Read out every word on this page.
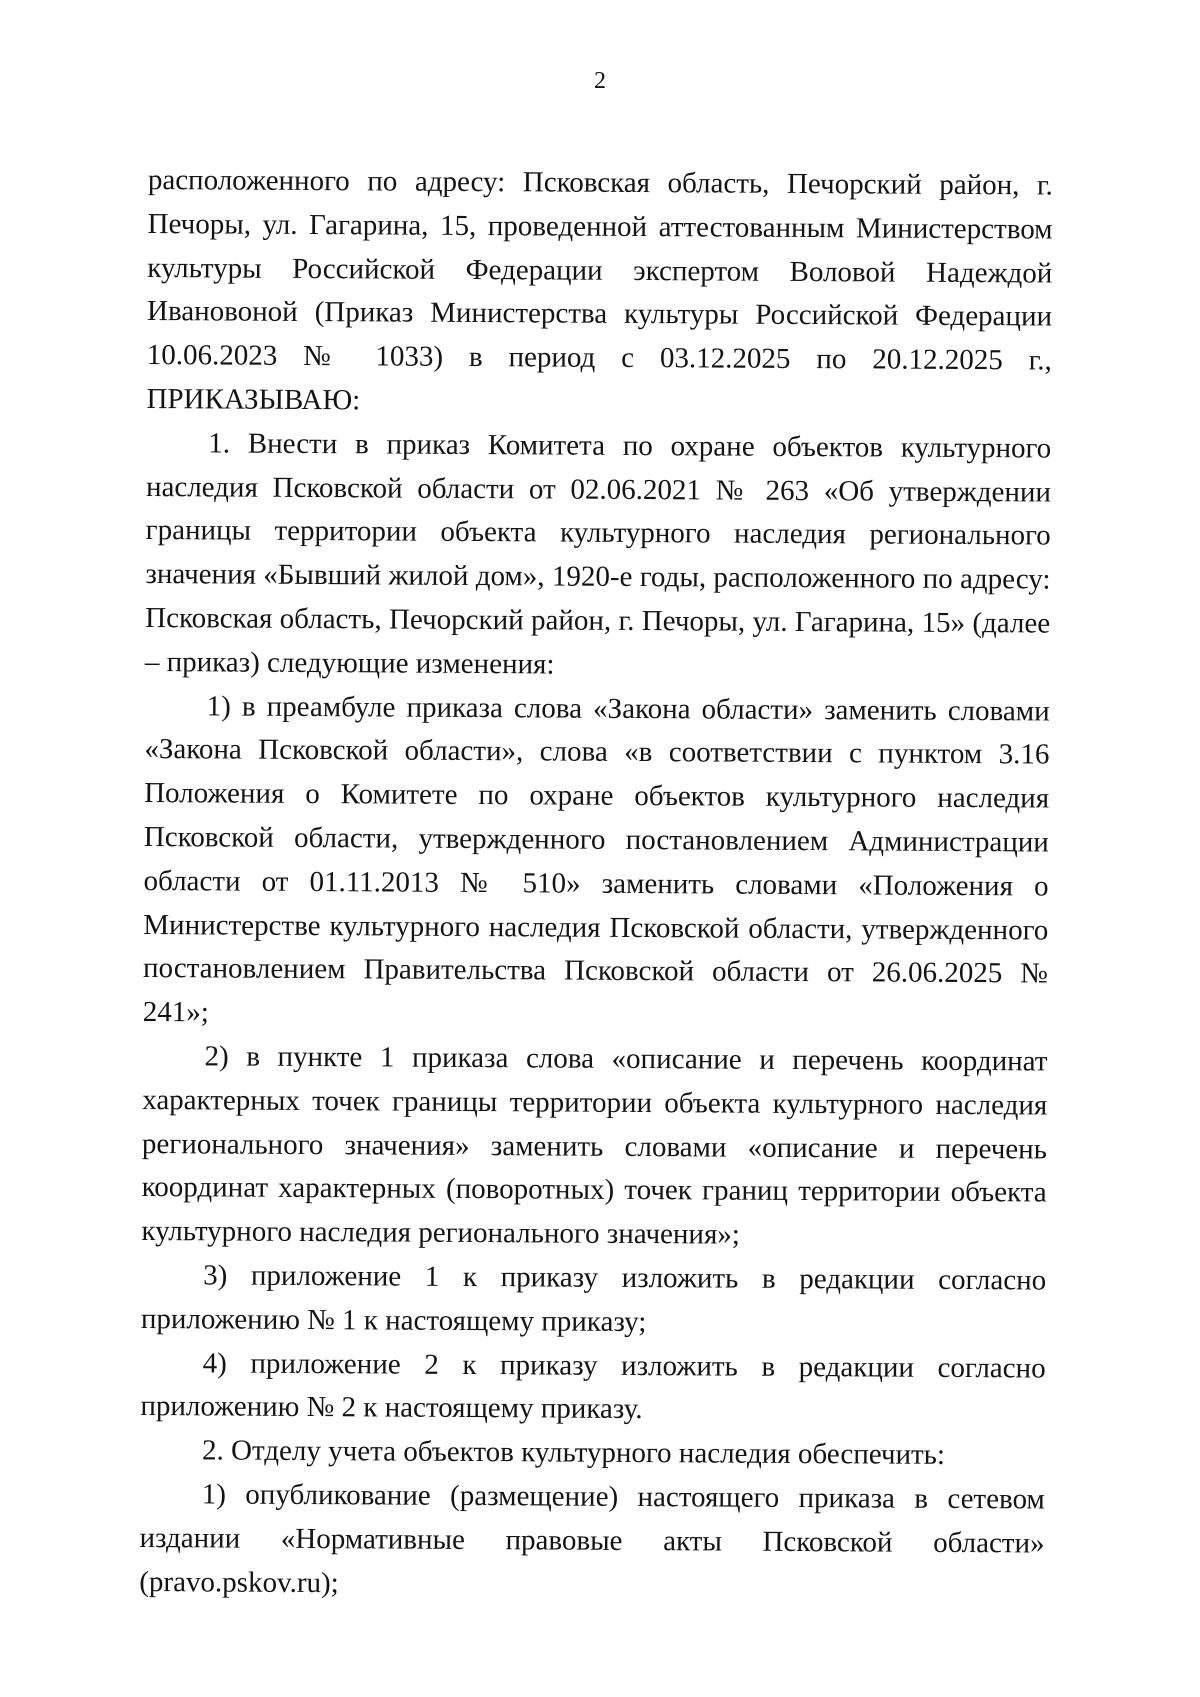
2

расположенного по адресу: Псковская область, Печорский район, г. Печоры, ул. Гагарина, 15, проведенной аттестованным Министерством культуры Российской Федерации экспертом Воловой Надеждой Ивановоной (Приказ Министерства культуры Российской Федерации 10.06.2023 № 1033) в период с 03.12.2025 по 20.12.2025 г., ПРИКАЗЫВАЮ:

1. Внести в приказ Комитета по охране объектов культурного наследия Псковской области от 02.06.2021 № 263 «Об утверждении границы территории объекта культурного наследия регионального значения «Бывший жилой дом», 1920-е годы, расположенного по адресу: Псковская область, Печорский район, г. Печоры, ул. Гагарина, 15» (далее – приказ) следующие изменения:

1) в преамбуле приказа слова «Закона области» заменить словами «Закона Псковской области», слова «в соответствии с пунктом 3.16 Положения о Комитете по охране объектов культурного наследия Псковской области, утвержденного постановлением Администрации области от 01.11.2013 № 510» заменить словами «Положения о Министерстве культурного наследия Псковской области, утвержденного постановлением Правительства Псковской области от 26.06.2025 № 241»;

2) в пункте 1 приказа слова «описание и перечень координат характерных точек границы территории объекта культурного наследия регионального значения» заменить словами «описание и перечень координат характерных (поворотных) точек границ территории объекта культурного наследия регионального значения»;

3) приложение 1 к приказу изложить в редакции согласно приложению № 1 к настоящему приказу;

4) приложение 2 к приказу изложить в редакции согласно приложению № 2 к настоящему приказу.

2. Отделу учета объектов культурного наследия обеспечить:

1) опубликование (размещение) настоящего приказа в сетевом издании «Нормативные правовые акты Псковской области» (pravo.pskov.ru);
